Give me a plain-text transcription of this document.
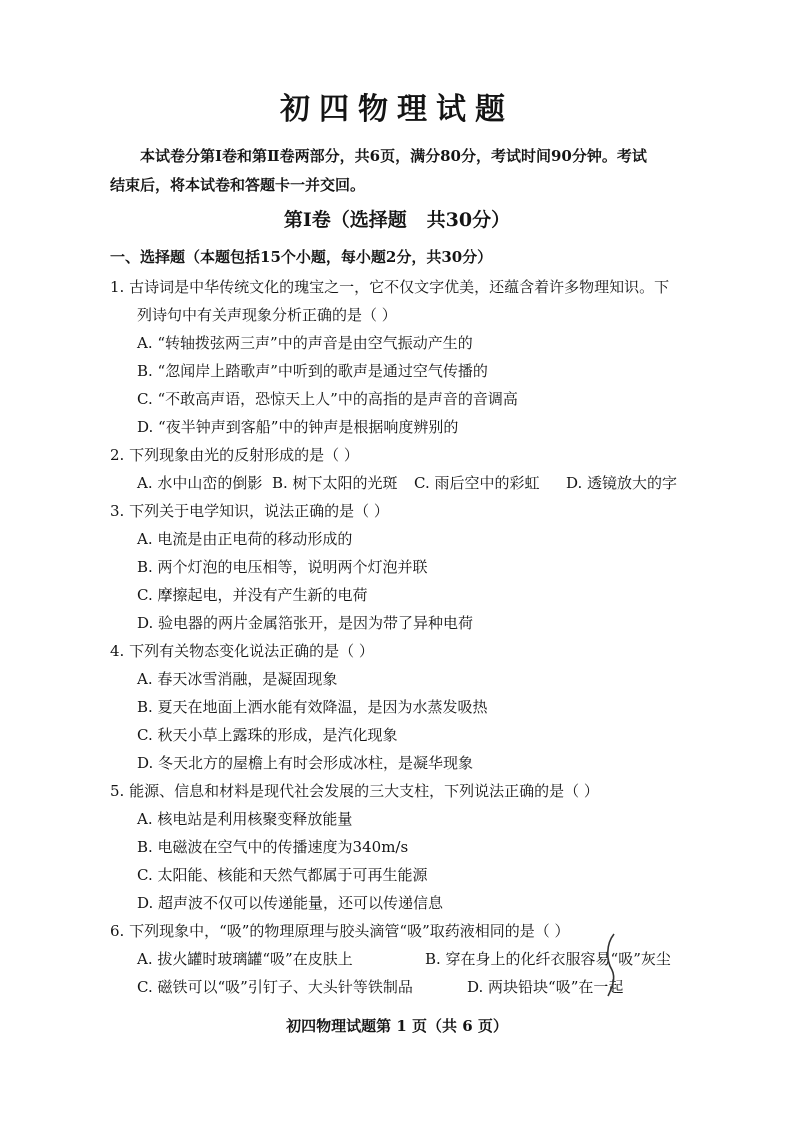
初四物理试题
本试卷分第Ⅰ卷和第Ⅱ卷两部分，共6页，满分80分，考试时间90分钟。考试
结束后，将本试卷和答题卡一并交回。
第Ⅰ卷（选择题   共30分）
一、选择题（本题包括15个小题，每小题2分，共30分）
1. 古诗词是中华传统文化的瑰宝之一，它不仅文字优美，还蕴含着许多物理知识。下
列诗句中有关声现象分析正确的是（ ）
A. “转轴拨弦两三声”中的声音是由空气振动产生的
B. “忽闻岸上踏歌声”中听到的歌声是通过空气传播的
C. “不敢高声语，恐惊天上人”中的高指的是声音的音调高
D. “夜半钟声到客船”中的钟声是根据响度辨别的
2. 下列现象由光的反射形成的是（ ）
A. 水中山峦的倒影 B. 树下太阳的光斑 C. 雨后空中的彩虹 D. 透镜放大的字
3. 下列关于电学知识，说法正确的是（ ）
A. 电流是由正电荷的移动形成的
B. 两个灯泡的电压相等，说明两个灯泡并联
C. 摩擦起电，并没有产生新的电荷
D. 验电器的两片金属箔张开，是因为带了异种电荷
4. 下列有关物态变化说法正确的是（ ）
A. 春天冰雪消融，是凝固现象
B. 夏天在地面上洒水能有效降温，是因为水蒸发吸热
C. 秋天小草上露珠的形成，是汽化现象
D. 冬天北方的屋檐上有时会形成冰柱，是凝华现象
5. 能源、信息和材料是现代社会发展的三大支柱，下列说法正确的是（ ）
A. 核电站是利用核聚变释放能量
B. 电磁波在空气中的传播速度为340m/s
C. 太阳能、核能和天然气都属于可再生能源
D. 超声波不仅可以传递能量，还可以传递信息
6. 下列现象中，“吸”的物理原理与胶头滴管“吸”取药液相同的是（ ）
A. 拔火罐时玻璃罐“吸”在皮肤上	B. 穿在身上的化纤衣服容易“吸”灰尘
C. 磁铁可以“吸”引钉子、大头针等铁制品	D. 两块铅块“吸”在一起
初四物理试题第 1 页（共 6 页）
